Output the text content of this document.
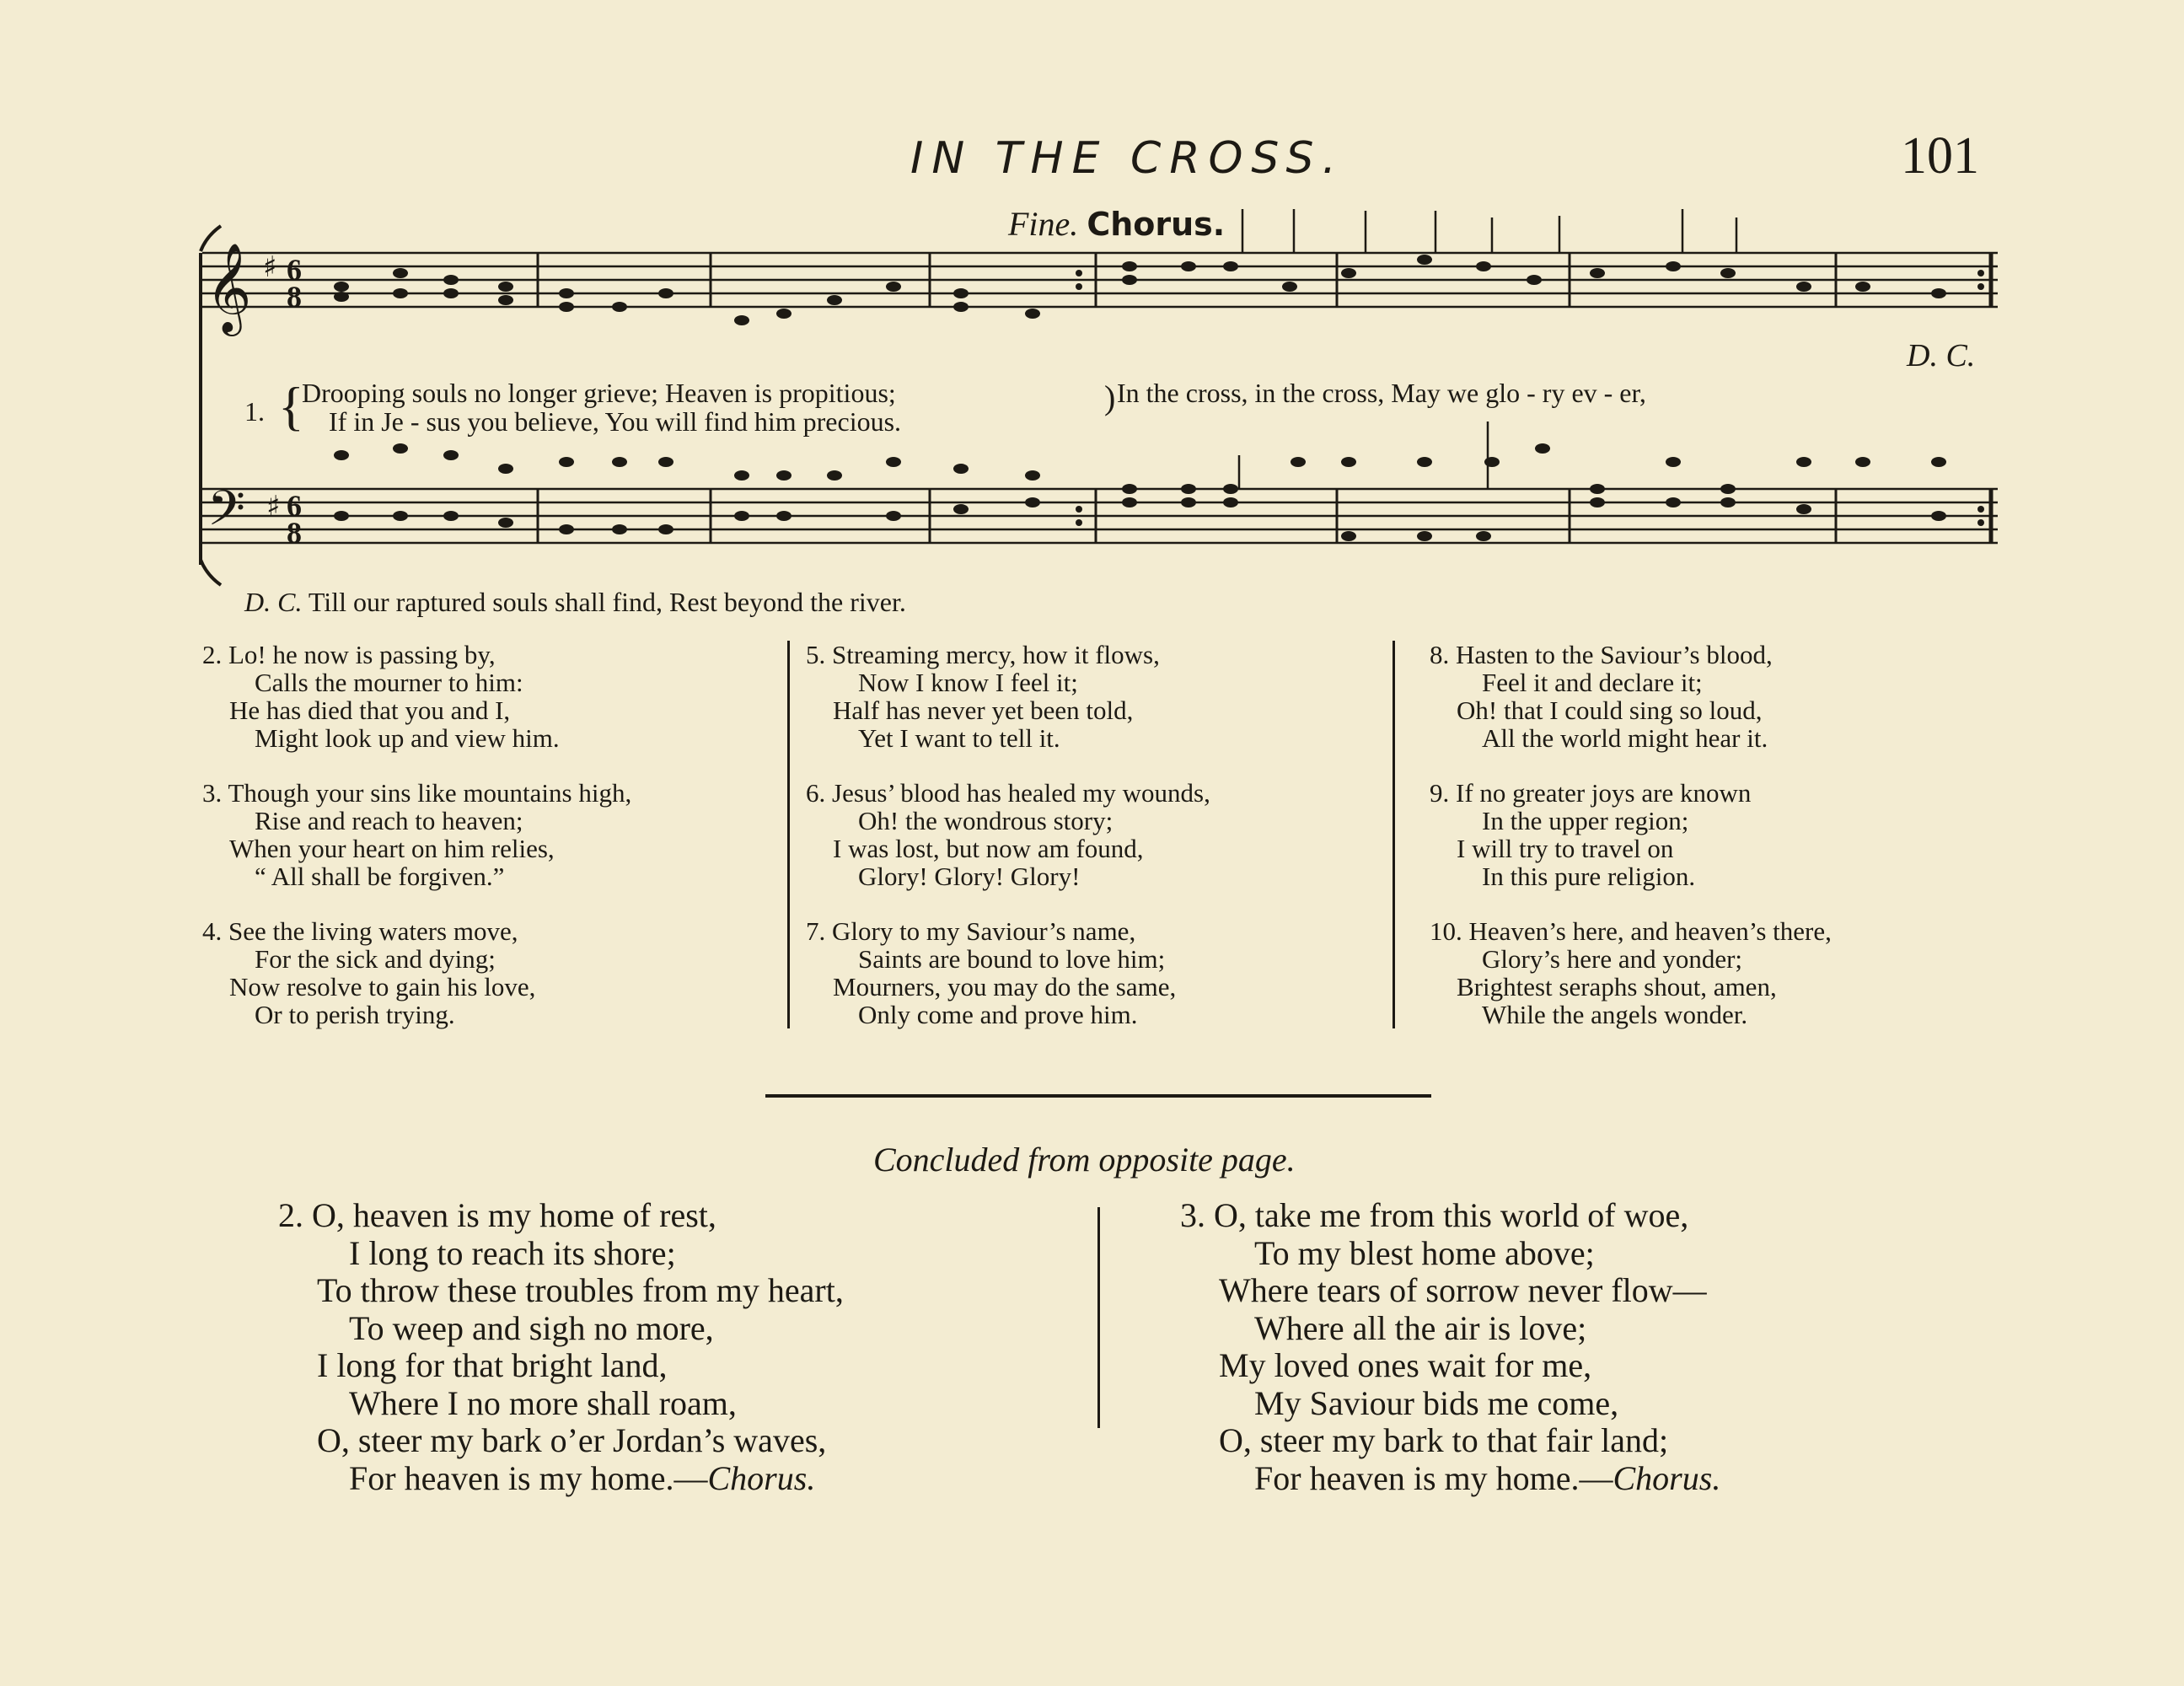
IN THE CROSS.	101
𝄞
𝄢
♯
♯
6
8
6
8
Fine. Chorus.
D. C.
1. {
Drooping souls no longer grieve; Heaven is propitious;	In the cross, in the cross, May we glo - ry ev - er,
If in Je - sus you believe, You will find him precious.
)
D. C. Till our raptured souls shall find, Rest beyond the river.
2. Lo! he now is passing by,
Calls the mourner to him:
He has died that you and I,
Might look up and view him.
3. Though your sins like mountains high,
Rise and reach to heaven;
When your heart on him relies,
“ All shall be forgiven.”
4. See the living waters move,
For the sick and dying;
Now resolve to gain his love,
Or to perish trying.
5. Streaming mercy, how it flows,
Now I know I feel it;
Half has never yet been told,
Yet I want to tell it.
6. Jesus’ blood has healed my wounds,
Oh! the wondrous story;
I was lost, but now am found,
Glory! Glory! Glory!
7. Glory to my Saviour’s name,
Saints are bound to love him;
Mourners, you may do the same,
Only come and prove him.
8. Hasten to the Saviour’s blood,
Feel it and declare it;
Oh! that I could sing so loud,
All the world might hear it.
9. If no greater joys are known
In the upper region;
I will try to travel on
In this pure religion.
10. Heaven’s here, and heaven’s there,
Glory’s here and yonder;
Brightest seraphs shout, amen,
While the angels wonder.
Concluded from opposite page.
2. O, heaven is my home of rest,
I long to reach its shore;
To throw these troubles from my heart,
To weep and sigh no more,
I long for that bright land,
Where I no more shall roam,
O, steer my bark o’er Jordan’s waves,
For heaven is my home.—Chorus.
3. O, take me from this world of woe,
To my blest home above;
Where tears of sorrow never flow—
Where all the air is love;
My loved ones wait for me,
My Saviour bids me come,
O, steer my bark to that fair land;
For heaven is my home.—Chorus.
